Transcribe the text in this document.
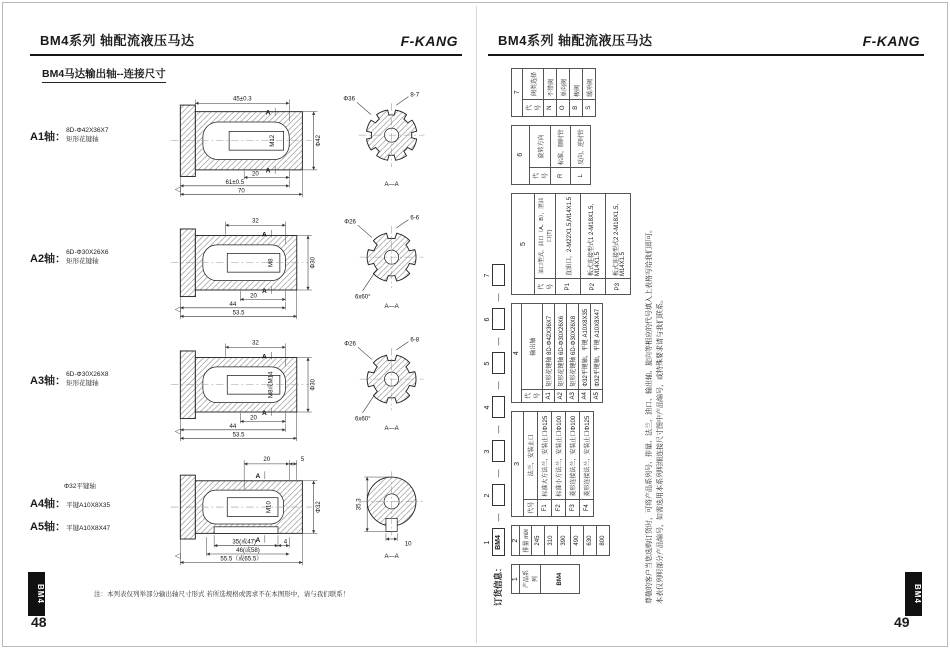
BM4系列 轴配流液压马达	F-KANG
BM4马达输出轴--连接尺寸
A1轴：8D-Φ42X36X7
矩形花键轴	M12
45±0.3
A
A
20
61±0.5
70
Φ42
◁
Φ36
8-7
A—A
A2轴：6D-Φ30X26X6
矩形花键轴	M8
32
A
A
20
44
53.5
Φ30
◁
Φ26
6-6
6x60°
A—A
A3轴：6D-Φ30X26X8
矩形花键轴	M8或M14
32
A
A
20
44
53.5
Φ30
◁
Φ26
6-8
6x60°
A—A
Φ32平键轴
A4轴：平键A10X8X35
A5轴：平键A10X8X47
M10
20	5
A
A
35(或47)	4
46(或58)
55.5（或65.5）
Φ32
◁
35.3
10
A—A
注：本列表仅列举部分输出轴尺寸形式 若所选规格或需求不在本图形中，请与我们联系！
BM4系列 轴配流液压马达	F-KANG
订货信息：
1 BM4
—
2
—
3
—
4
—
5
—
6
—
7
1
产品系列
BM4
2
排量 ml/r
245
310
390
490
630
800
3	
代号	法兰，安装止口
F1	标准大方法兰，安装止口Φ125
F2	标准小方法兰，安装止口Φ100
F3	菱形连接法兰，安装止口Φ100
F4	菱形连接法兰，安装止口Φ125
4	
代号	输出轴
A1	矩形花键轴 8D-Φ42X36X7
A2	矩形花键轴 6D-Φ30X26X6
A3	矩形花键轴 6D-Φ30X26X8
A4	Φ32平键轴，平键 A10X8X35
A5	Φ32平键轴，平键 A10X8X47
5	
代号	油口型式，油口（A、B），泄油口(T)
P1	直油口，2-M22X1.5,M14X1.5
P2	板式连接型式1 2-M18X1.5、M14X1.5
P3	板式连接型式2 2-M18X1.5、M14X1.5
6	
代号	旋转方向
R	标准，顺时针
L	反向，逆时针
7	
代号	阀类选择
N	不带阀
O	单向阀
B	梭阀
S	缓冲阀
尊敬的客户当您选购订货时，可将产品系列号、排量、法兰、油口、输出轴、旋向等相应的代号填入上表格写给我们即可。 本表仅列明部分产品编号，如需选用本系列明细连接尺寸图中产品编号，或特殊要求请与我们联系。
BM4
48
BM4
49
